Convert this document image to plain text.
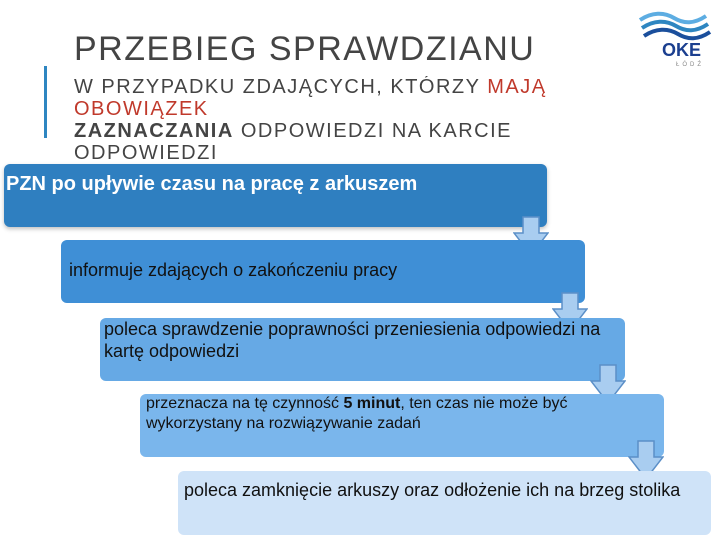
PRZEBIEG SPRAWDZIANU
W PRZYPADKU ZDAJĄCYCH, KTÓRZY MAJĄ OBOWIĄZEK
ZAZNACZANIA ODPOWIEDZI NA KARCIE ODPOWIEDZI
OKE
ŁÓDŹ
PZN po upływie czasu na pracę z arkuszem
informuje zdających o zakończeniu pracy
poleca sprawdzenie poprawności przeniesienia odpowiedzi na kartę odpowiedzi
przeznacza na tę czynność 5 minut, ten czas nie może być wykorzystany na rozwiązywanie zadań
poleca zamknięcie arkuszy oraz odłożenie ich na brzeg stolika
